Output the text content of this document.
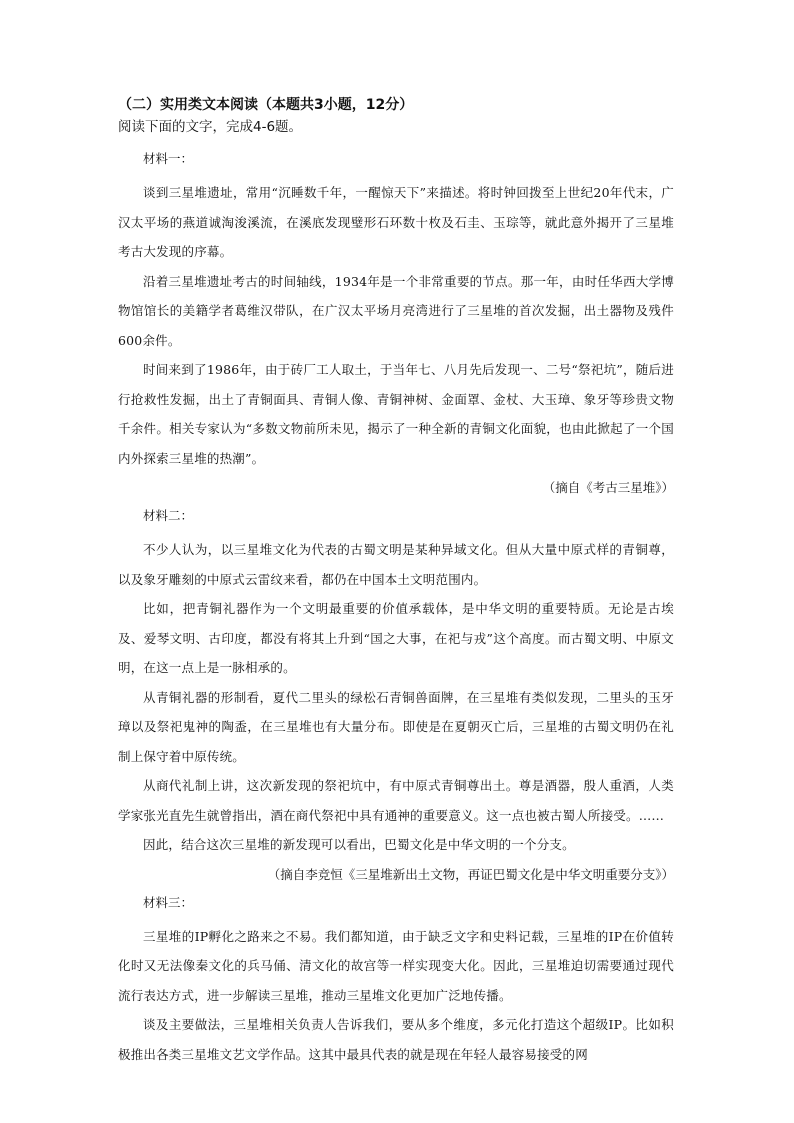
（二）实用类文本阅读（本题共3小题，12分）

阅读下面的文字，完成4-6题。

材料一：

谈到三星堆遗址，常用“沉睡数千年，一醒惊天下”来描述。将时钟回拨至上世纪20年代末，广汉太平场的燕道诚淘浚溪流，在溪底发现璧形石环数十枚及石圭、玉琮等，就此意外揭开了三星堆考古大发现的序幕。

沿着三星堆遗址考古的时间轴线，1934年是一个非常重要的节点。那一年，由时任华西大学博物馆馆长的美籍学者葛维汉带队，在广汉太平场月亮湾进行了三星堆的首次发掘，出土器物及残件600余件。

时间来到了1986年，由于砖厂工人取土，于当年七、八月先后发现一、二号“祭祀坑”，随后进行抢救性发掘，出土了青铜面具、青铜人像、青铜神树、金面罩、金杖、大玉璋、象牙等珍贵文物千余件。相关专家认为“多数文物前所未见，揭示了一种全新的青铜文化面貌，也由此掀起了一个国内外探索三星堆的热潮”。

（摘自《考古三星堆》）

材料二：

不少人认为，以三星堆文化为代表的古蜀文明是某种异域文化。但从大量中原式样的青铜尊，以及象牙雕刻的中原式云雷纹来看，都仍在中国本土文明范围内。

比如，把青铜礼器作为一个文明最重要的价值承载体，是中华文明的重要特质。无论是古埃及、爱琴文明、古印度，都没有将其上升到“国之大事，在祀与戎”这个高度。而古蜀文明、中原文明，在这一点上是一脉相承的。

从青铜礼器的形制看，夏代二里头的绿松石青铜兽面牌，在三星堆有类似发现，二里头的玉牙璋以及祭祀鬼神的陶盉，在三星堆也有大量分布。即使是在夏朝灭亡后，三星堆的古蜀文明仍在礼制上保守着中原传统。

从商代礼制上讲，这次新发现的祭祀坑中，有中原式青铜尊出土。尊是酒器，殷人重酒，人类学家张光直先生就曾指出，酒在商代祭祀中具有通神的重要意义。这一点也被古蜀人所接受。……

因此，结合这次三星堆的新发现可以看出，巴蜀文化是中华文明的一个分支。

（摘自李竞恒《三星堆新出土文物，再证巴蜀文化是中华文明重要分支》）

材料三：

三星堆的IP孵化之路来之不易。我们都知道，由于缺乏文字和史料记载，三星堆的IP在价值转化时又无法像秦文化的兵马俑、清文化的故宫等一样实现变大化。因此，三星堆迫切需要通过现代流行表达方式，进一步解读三星堆，推动三星堆文化更加广泛地传播。

谈及主要做法，三星堆相关负责人告诉我们，要从多个维度，多元化打造这个超级IP。比如积极推出各类三星堆文艺文学作品。这其中最具代表的就是现在年轻人最容易接受的网
